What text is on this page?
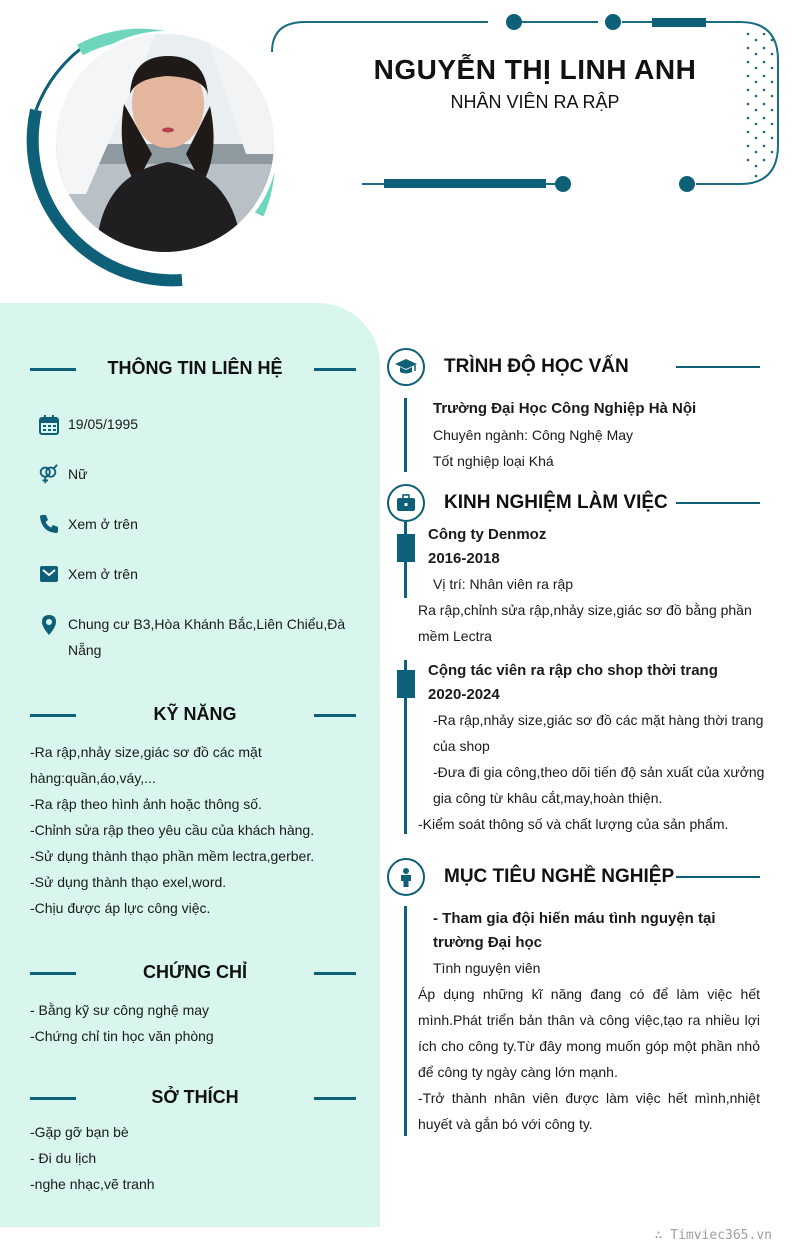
NGUYỄN THỊ LINH ANH
NHÂN VIÊN RA RẬP
THÔNG TIN LIÊN HỆ
19/05/1995
Nữ
Xem ở trên
Xem ở trên
Chung cư B3,Hòa Khánh Bắc,Liên Chiểu,Đà
Nẵng
KỸ NĂNG
-Ra rập,nhảy size,giác sơ đồ các mặt
hàng:quần,áo,váy,...
-Ra rập theo hình ảnh hoặc thông số.
-Chỉnh sửa rập theo yêu cầu của khách hàng.
-Sử dụng thành thạo phần mềm lectra,gerber.
-Sử dụng thành thạo exel,word.
-Chịu được áp lực công việc.
CHỨNG CHỈ
- Bằng kỹ sư công nghệ may
-Chứng chỉ tin học văn phòng
SỞ THÍCH
-Gặp gỡ bạn bè
- Đi du lịch
-nghe nhạc,vẽ tranh
TRÌNH ĐỘ HỌC VẤN
Trường Đại Học Công Nghiệp Hà Nội
Chuyên ngành: Công Nghệ May
Tốt nghiệp loại Khá
KINH NGHIỆM LÀM VIỆC
Công ty Denmoz
2016-2018
Vị trí: Nhân viên ra rập
Ra rập,chỉnh sửa rập,nhảy size,giác sơ đồ bằng phần
mềm Lectra
Cộng tác viên ra rập cho shop thời trang
2020-2024
-Ra rập,nhảy size,giác sơ đồ các mặt hàng thời trang
của shop
-Đưa đi gia công,theo dõi tiến độ sản xuất của xưởng
gia công từ khâu cắt,may,hoàn thiện.
-Kiểm soát thông số và chất lượng của sản phẩm.
MỤC TIÊU NGHỀ NGHIỆP
- Tham gia đội hiến máu tình nguyện tại
trường Đại học
Tình nguyện viên
Áp dụng những kĩ năng đang có để làm việc hết
mình.Phát triển bản thân và công việc,tạo ra nhiều lợi
ích cho công ty.Từ đây mong muốn góp một phần nhỏ
để công ty ngày càng lớn mạnh.
-Trở thành nhân viên được làm việc hết mình,nhiệt
huyết và gắn bó với công ty.
∴ Timviec365.vn
